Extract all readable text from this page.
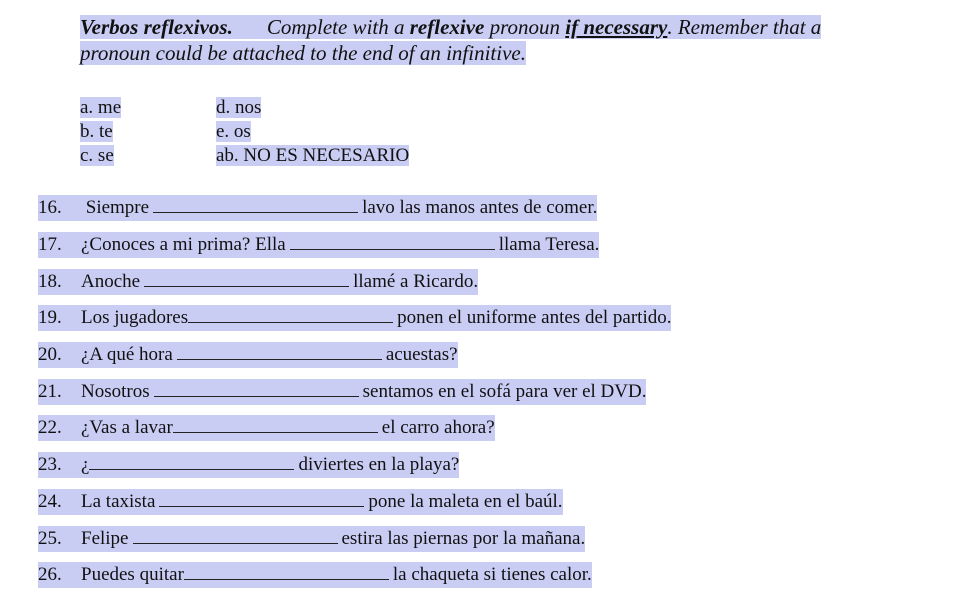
Verbos reflexivos. Complete with a reflexive pronoun if necessary. Remember that a pronoun could be attached to the end of an infinitive.
a. me	d. nos
b. te	e. os
c. se	ab. NO ES NECESARIO
16.	Siempre	lavo las manos antes de comer.
17.	¿Conoces a mi prima? Ella	llama Teresa.
18.	Anoche	llamé a Ricardo.
19.	Los jugadores	ponen el uniforme antes del partido.
20.	¿A qué hora	acuestas?
21.	Nosotros	sentamos en el sofá para ver el DVD.
22.	¿Vas a lavar	el carro ahora?
23.	¿	diviertes en la playa?
24.	La taxista	pone la maleta en el baúl.
25.	Felipe	estira las piernas por la mañana.
26.	Puedes quitar	la chaqueta si tienes calor.
